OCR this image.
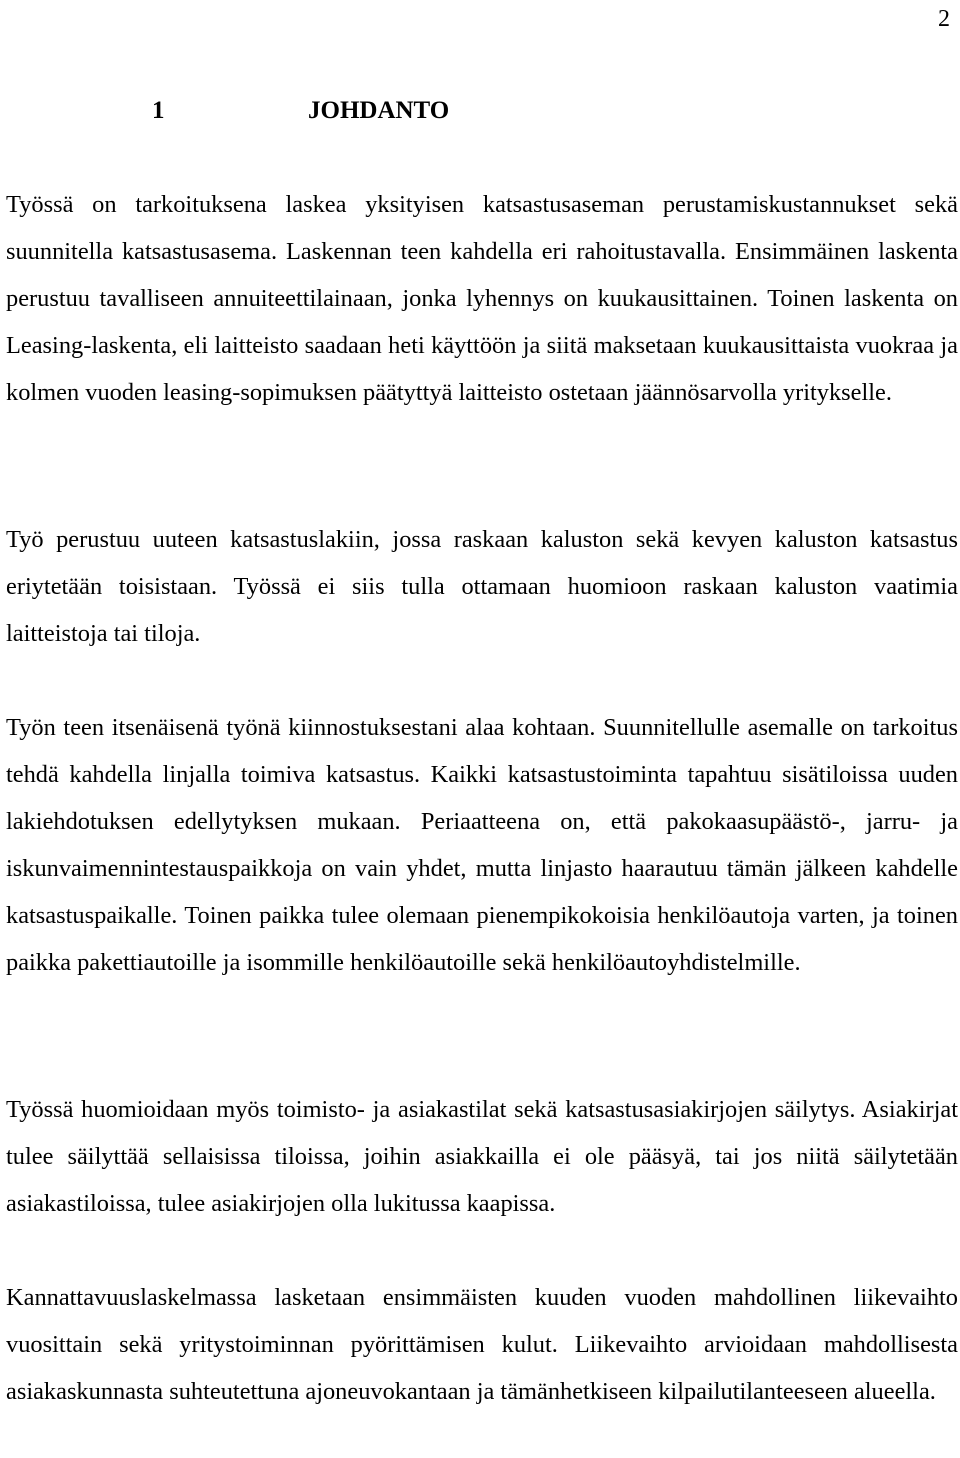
2
1	JOHDANTO

Työssä on tarkoituksena laskea yksityisen katsastusaseman perustamiskustannukset sekä suunnitella katsastusasema. Laskennan teen kahdella eri rahoitustavalla. Ensimmäinen laskenta perustuu tavalliseen annuiteettilainaan, jonka lyhennys on kuukausittainen. Toinen laskenta on Leasing-laskenta, eli laitteisto saadaan heti käyttöön ja siitä maksetaan kuukausittaista vuokraa ja kolmen vuoden leasing-sopimuksen päätyttyä laitteisto ostetaan jäännösarvolla yritykselle.

Työ perustuu uuteen katsastuslakiin, jossa raskaan kaluston sekä kevyen kaluston katsastus eriytetään toisistaan. Työssä ei siis tulla ottamaan huomioon raskaan kaluston vaatimia laitteistoja tai tiloja.

Työn teen itsenäisenä työnä kiinnostuksestani alaa kohtaan. Suunnitellulle asemalle on tarkoitus tehdä kahdella linjalla toimiva katsastus. Kaikki katsastustoiminta tapahtuu sisätiloissa uuden lakiehdotuksen edellytyksen mukaan. Periaatteena on, että pakokaasupäästö-, jarru- ja iskunvaimennintestauspaikkoja on vain yhdet, mutta linjasto haarautuu tämän jälkeen kahdelle katsastuspaikalle. Toinen paikka tulee olemaan pienempikokoisia henkilöautoja varten, ja toinen paikka pakettiautoille ja isommille henkilöautoille sekä henkilöautoyhdistelmille.

Työssä huomioidaan myös toimisto- ja asiakastilat sekä katsastusasiakirjojen säilytys. Asiakirjat tulee säilyttää sellaisissa tiloissa, joihin asiakkailla ei ole pääsyä, tai jos niitä säilytetään asiakastiloissa, tulee asiakirjojen olla lukitussa kaapissa.

Kannattavuuslaskelmassa lasketaan ensimmäisten kuuden vuoden mahdollinen liikevaihto vuosittain sekä yritystoiminnan pyörittämisen kulut. Liikevaihto arvioidaan mahdollisesta asiakaskunnasta suhteutettuna ajoneuvokantaan ja tämänhetkiseen kilpailutilanteeseen alueella.
